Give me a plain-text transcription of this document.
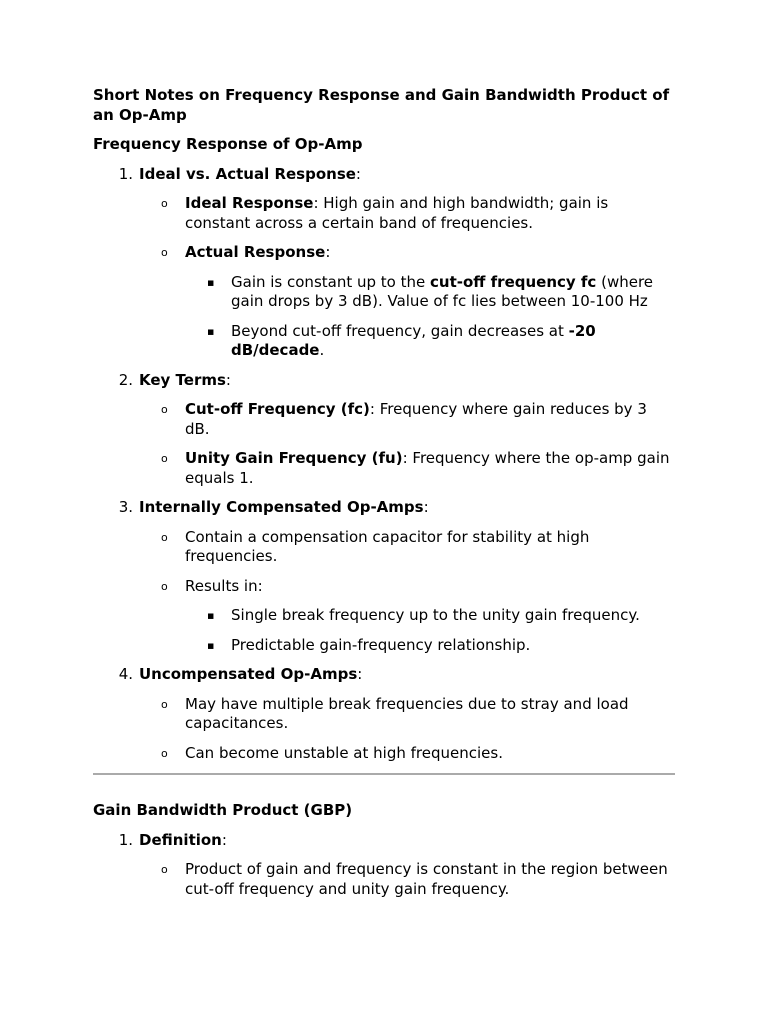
Short Notes on Frequency Response and Gain Bandwidth Product of an Op-Amp
Frequency Response of Op-Amp
1. Ideal vs. Actual Response:
o Ideal Response: High gain and high bandwidth; gain is constant across a certain band of frequencies.
o Actual Response:
▪ Gain is constant up to the cut-off frequency fc (where gain drops by 3 dB). Value of fc lies between 10-100 Hz
▪ Beyond cut-off frequency, gain decreases at -20 dB/decade.
2. Key Terms:
o Cut-off Frequency (fc): Frequency where gain reduces by 3 dB.
o Unity Gain Frequency (fu): Frequency where the op-amp gain equals 1.
3. Internally Compensated Op-Amps:
o Contain a compensation capacitor for stability at high frequencies.
o Results in:
▪ Single break frequency up to the unity gain frequency.
▪ Predictable gain-frequency relationship.
4. Uncompensated Op-Amps:
o May have multiple break frequencies due to stray and load capacitances.
o Can become unstable at high frequencies.
Gain Bandwidth Product (GBP)
1. Definition:
o Product of gain and frequency is constant in the region between cut-off frequency and unity gain frequency.
